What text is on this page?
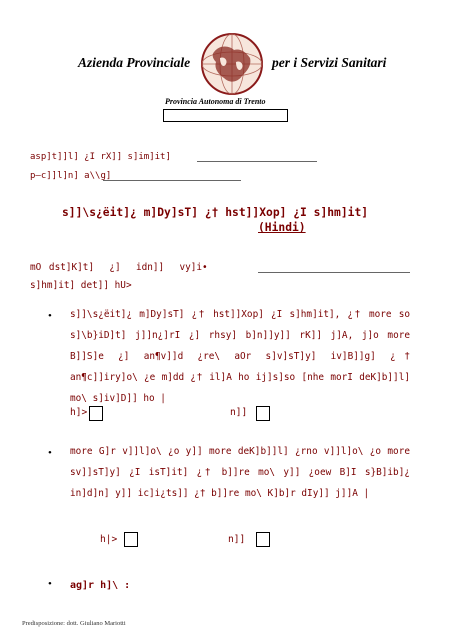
Azienda Provinciale	per i Servizi Sanitari
Provincia Autonoma di Trento
asp]t]]l] ¿I rX]] s]im]it]
p—c]]l]n] a\\g]
s]]\s¿ëit]¿ m]Dy]sT] ¿† hst]]Xop] ¿I s]hm]it]
(Hindi)
mO dst]K]t]  ¿]  idn]]  vy]i•
s]hm]it] det]] hU>
• s]]\s¿ëit]¿ m]Dy]sT] ¿† hst]]Xop] ¿I s]hm]it], ¿† more so s]\b}iD]t] j]]n¿]rI ¿] rhsy] b]n]]y]] rK]] j]A, j]o more B]]S]e ¿] an¶v]]d ¿re\ aOr s]v]sT]y] iv]B]]g] ¿† an¶c]]iry]o\ ¿e m]dd ¿† il]A ho ij]s]so [nhe morI deK]b]]l] mo\ s]iv]D]] ho |
h]>	n]]
• more G]r v]]l]o\ ¿o y]] more deK]b]]l] ¿rno v]]l]o\ ¿o more sv]]sT]y] ¿I isT]it] ¿† b]]re mo\ y]] ¿oew B]I s}B]ib]¿ in]d]n] y]] ic]i¿ts]] ¿† b]]re mo\ K]b]r dIy]] j]]A |
h|>	n]]
• ag]r h]\ :
Predisposizione: dott. Giuliano Mariotti
